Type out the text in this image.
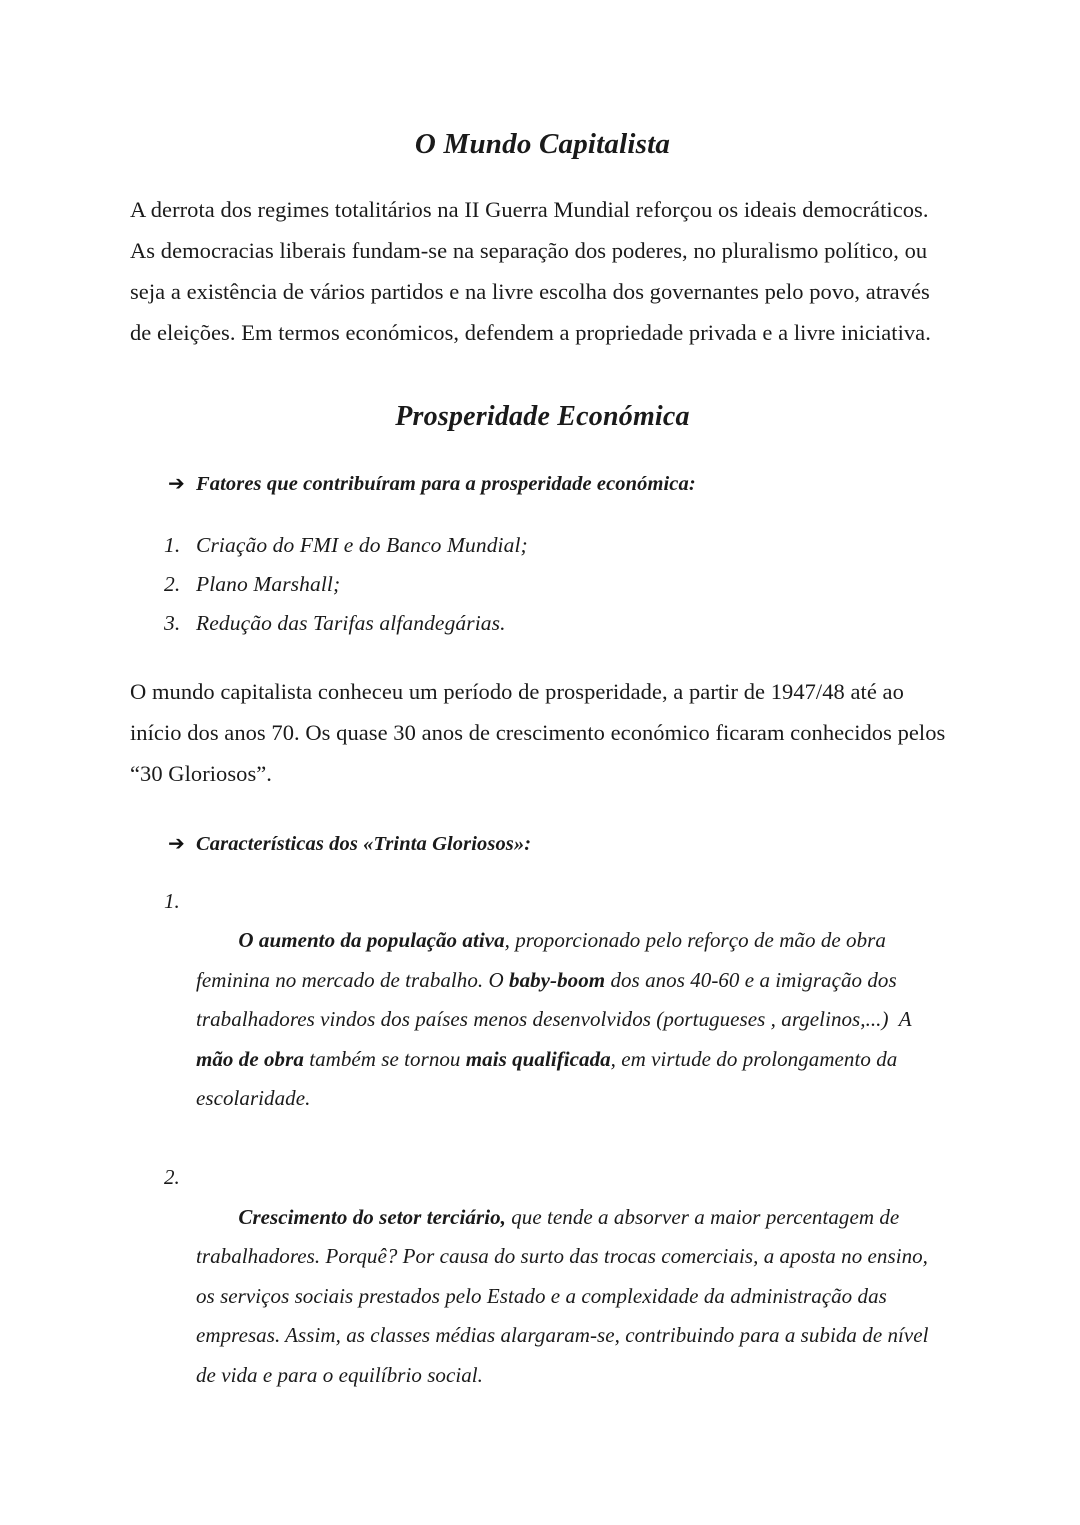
O Mundo Capitalista

A derrota dos regimes totalitários na II Guerra Mundial reforçou os ideais democráticos. As democracias liberais fundam-se na separação dos poderes, no pluralismo político, ou seja a existência de vários partidos e na livre escolha dos governantes pelo povo, através de eleições. Em termos económicos, defendem a propriedade privada e a livre iniciativa.

Prosperidade Económica
➔ Fatores que contribuíram para a prosperidade económica:
1. Criação do FMI e do Banco Mundial;
2. Plano Marshall;
3. Redução das Tarifas alfandegárias.

O mundo capitalista conheceu um período de prosperidade, a partir de 1947/48 até ao início dos anos 70. Os quase 30 anos de crescimento económico ficaram conhecidos pelos “30 Gloriosos”.

➔ Características dos «Trinta Gloriosos»:
1.

O aumento da população ativa, proporcionado pelo reforço de mão de obra feminina no mercado de trabalho. O baby-boom dos anos 40-60 e a imigração dos trabalhadores vindos dos países menos desenvolvidos (portugueses , argelinos,...)  A mão de obra também se tornou mais qualificada, em virtude do prolongamento da escolaridade.

2.

Crescimento do setor terciário, que tende a absorver a maior percentagem de trabalhadores. Porquê? Por causa do surto das trocas comerciais, a aposta no ensino, os serviços sociais prestados pelo Estado e a complexidade da administração das empresas. Assim, as classes médias alargaram-se, contribuindo para a subida de nível de vida e para o equilíbrio social.
